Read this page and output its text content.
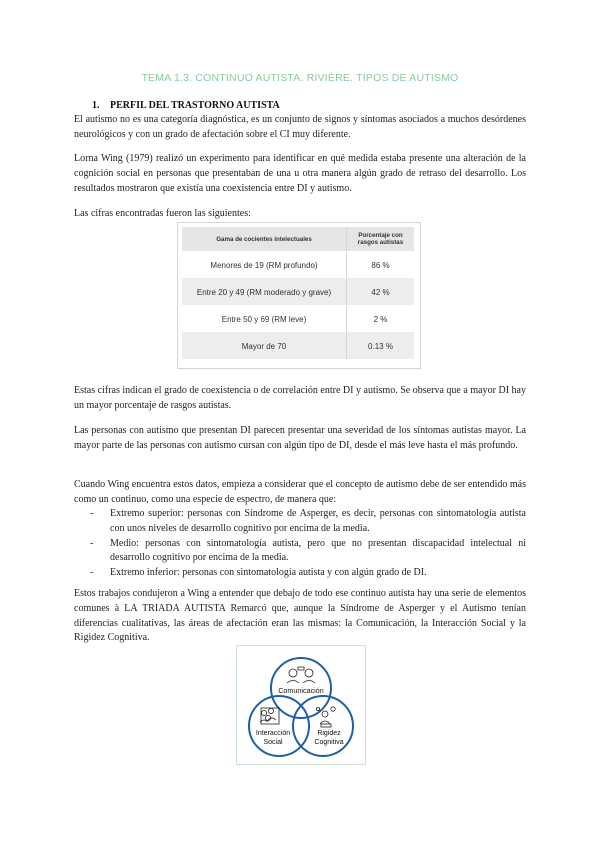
TEMA 1.3. CONTINUO AUTISTA. RIVIÈRE. TIPOS DE AUTISMO
1. PERFIL DEL TRASTORNO AUTISTA
El autismo no es una categoría diagnóstica, es un conjunto de signos y síntomas asociados a muchos desórdenes neurológicos y con un grado de afectación sobre el CI muy diferente.
Lorna Wing (1979) realizó un experimento para identificar en qué medida estaba presente una alteración de la cognición social en personas que presentaban de una u otra manera algún grado de retraso del desarrollo. Los resultados mostraron que existía una coexistencia entre DI y autismo.
Las cifras encontradas fueron las siguientes:
Gama de cocientes intelectuales	Porcentaje con rasgos autistas
Menores de 19 (RM profundo)	86 %
Entre 20 y 49 (RM moderado y grave)	42 %
Entre 50 y 69 (RM leve)	2 %
Mayor de 70	0.13 %
Estas cifras indican el grado de coexistencia o de correlación entre DI y autismo. Se observa que a mayor DI hay un mayor porcentaje de rasgos autistas.
Las personas con autismo que presentan DI parecen presentar una severidad de los síntomas autistas mayor. La mayor parte de las personas con autismo cursan con algún tipo de DI, desde el más leve hasta el más profundo.
Cuando Wing encuentra estos datos, empieza a considerar que el concepto de autismo debe de ser entendido más como un continuo, como una especie de espectro, de manera que:
- Extremo superior: personas con Síndrome de Asperger, es decir, personas con sintomatología autista con unos niveles de desarrollo cognitivo por encima de la media.
- Medio: personas con sintomatología autista, pero que no presentan discapacidad intelectual ni desarrollo cognitivo por encima de la media.
- Extremo inferior: personas con sintomatología autista y con algún grado de DI.
Estos trabajos condujeron a Wing a entender que debajo de todo ese continuo autista hay una serie de elementos comunes à LA TRIADA AUTISTA Remarcó que, aunque la Síndrome de Asperger y el Autismo tenían diferencias cualitativas, las áreas de afectación eran las mismas: la Comunicación, la Interacción Social y la Rigidez Cognitiva.
Comunicación
Interacción
Social
Rigidez
Cognitiva
